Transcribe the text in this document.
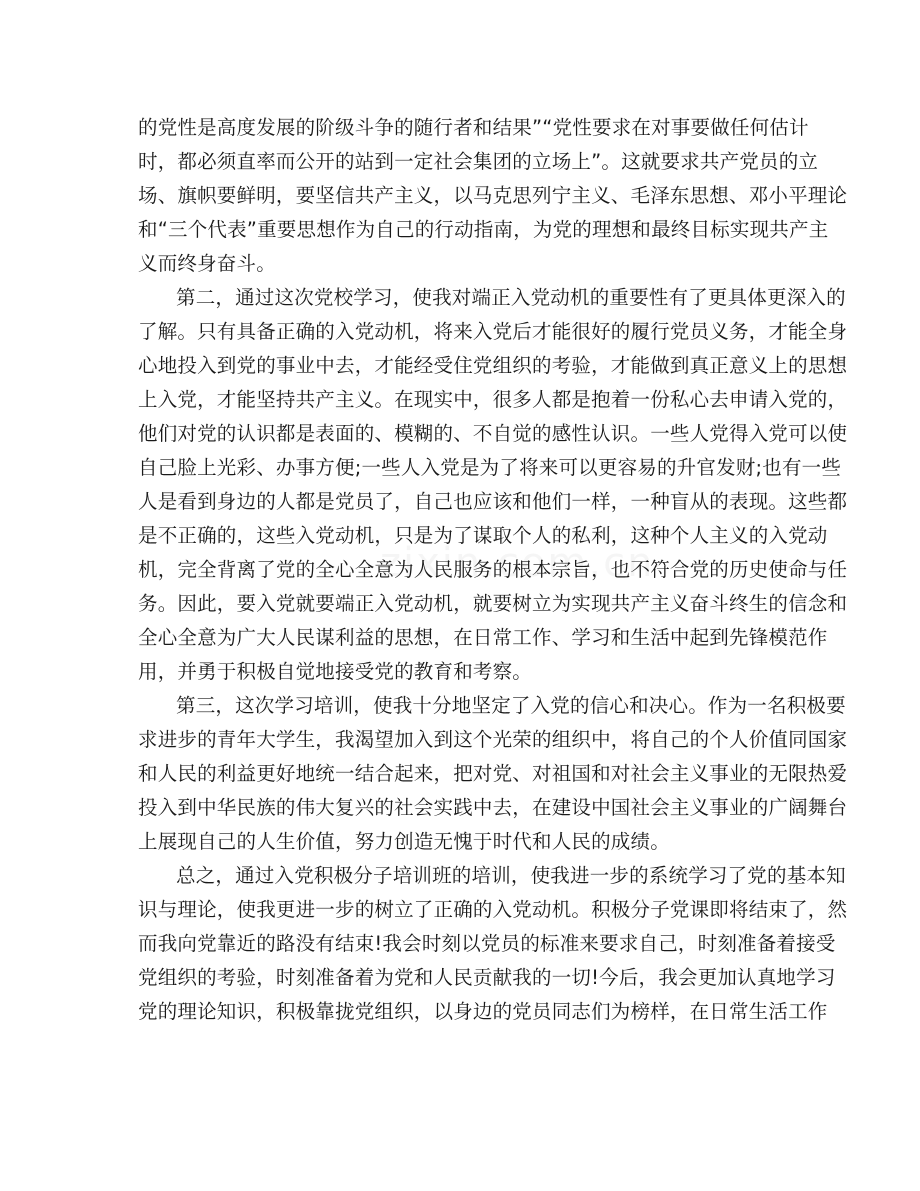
的党性是高度发展的阶级斗争的随行者和结果”“党性要求在对事要做任何估计
时，都必须直率而公开的站到一定社会集团的立场上”。这就要求共产党员的立
场、旗帜要鲜明，要坚信共产主义，以马克思列宁主义、毛泽东思想、邓小平理论
和“三个代表”重要思想作为自己的行动指南，为党的理想和最终目标实现共产主
义而终身奋斗。
第二，通过这次党校学习，使我对端正入党动机的重要性有了更具体更深入的
了解。只有具备正确的入党动机，将来入党后才能很好的履行党员义务，才能全身
心地投入到党的事业中去，才能经受住党组织的考验，才能做到真正意义上的思想
上入党，才能坚持共产主义。在现实中，很多人都是抱着一份私心去申请入党的，
他们对党的认识都是表面的、模糊的、不自觉的感性认识。一些人党得入党可以使
自己脸上光彩、办事方便;一些人入党是为了将来可以更容易的升官发财;也有一些
人是看到身边的人都是党员了，自己也应该和他们一样，一种盲从的表现。这些都
是不正确的，这些入党动机，只是为了谋取个人的私利，这种个人主义的入党动
机，完全背离了党的全心全意为人民服务的根本宗旨，也不符合党的历史使命与任
务。因此，要入党就要端正入党动机，就要树立为实现共产主义奋斗终生的信念和
全心全意为广大人民谋利益的思想，在日常工作、学习和生活中起到先锋模范作
用，并勇于积极自觉地接受党的教育和考察。
第三，这次学习培训，使我十分地坚定了入党的信心和决心。作为一名积极要
求进步的青年大学生，我渴望加入到这个光荣的组织中，将自己的个人价值同国家
和人民的利益更好地统一结合起来，把对党、对祖国和对社会主义事业的无限热爱
投入到中华民族的伟大复兴的社会实践中去，在建设中国社会主义事业的广阔舞台
上展现自己的人生价值，努力创造无愧于时代和人民的成绩。
总之，通过入党积极分子培训班的培训，使我进一步的系统学习了党的基本知
识与理论，使我更进一步的树立了正确的入党动机。积极分子党课即将结束了，然
而我向党靠近的路没有结束!我会时刻以党员的标准来要求自己，时刻准备着接受
党组织的考验，时刻准备着为党和人民贡献我的一切!今后，我会更加认真地学习
党的理论知识，积极靠拢党组织，以身边的党员同志们为榜样，在日常生活工作
